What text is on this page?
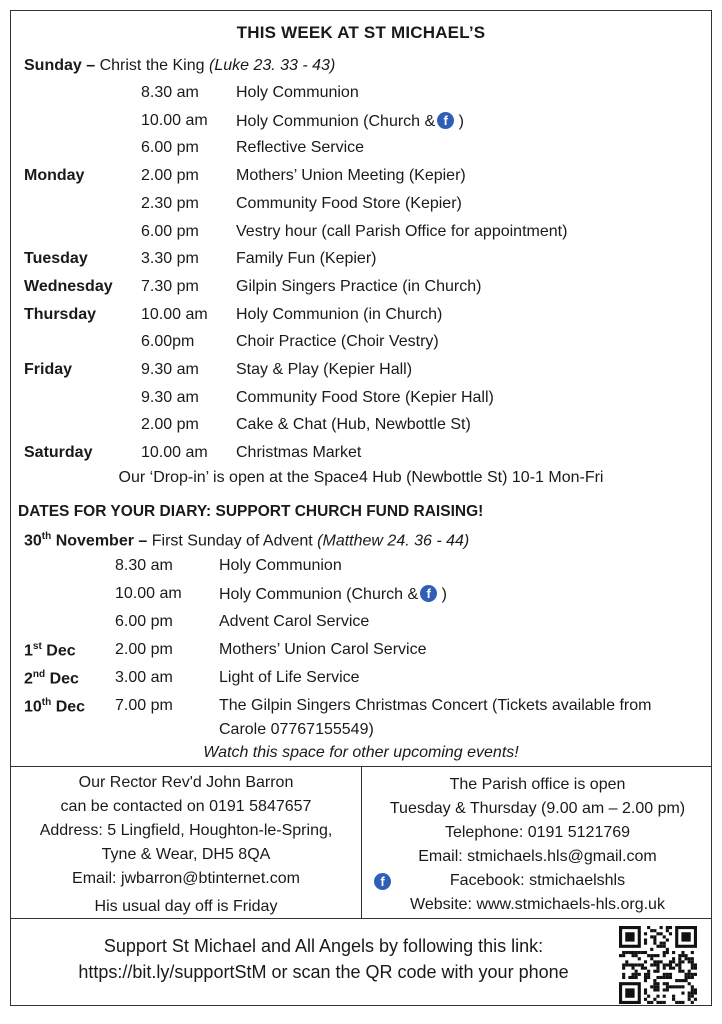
THIS WEEK AT ST MICHAEL’S
Sunday – Christ the King (Luke 23. 33 - 43)
8.30 am Holy Communion
10.00 am Holy Communion (Church & f )
6.00 pm Reflective Service
Monday	2.00 pm Mothers’ Union Meeting (Kepier)
2.30 pm Community Food Store (Kepier)
6.00 pm Vestry hour (call Parish Office for appointment)
Tuesday	3.30 pm Family Fun (Kepier)
Wednesday 7.30 pm Gilpin Singers Practice (in Church)
Thursday	10.00 am Holy Communion (in Church)
6.00pm	Choir Practice (Choir Vestry)
Friday	9.30 am Stay & Play (Kepier Hall)
9.30 am Community Food Store (Kepier Hall)
2.00 pm Cake & Chat (Hub, Newbottle St)
Saturday	10.00 am Christmas Market
Our ‘Drop-in’ is open at the Space4 Hub (Newbottle St) 10-1 Mon-Fri
DATES FOR YOUR DIARY: SUPPORT CHURCH FUND RAISING!
30th November – First Sunday of Advent (Matthew 24. 36 - 44)
8.30 am	Holy Communion
10.00 am Holy Communion (Church & f )
6.00 pm	Advent Carol Service
1st Dec 2.00 pm	Mothers’ Union Carol Service
2nd Dec 3.00 am	Light of Life Service
10th Dec 7.00 pm	The Gilpin Singers Christmas Concert (Tickets available from
Carole 07767155549)
Watch this space for other upcoming events!
Our Rector Rev'd John Barron
can be contacted on 0191 5847657
Address: 5 Lingfield, Houghton-le-Spring,
Tyne & Wear, DH5 8QA
Email: jwbarron@btinternet.com
His usual day off is Friday
The Parish office is open
Tuesday & Thursday (9.00 am – 2.00 pm)
Telephone: 0191 5121769
Email: stmichaels.hls@gmail.com
f	Facebook: stmichaelshls
Website: www.stmichaels-hls.org.uk
Support St Michael and All Angels by following this link:
https://bit.ly/supportStM or scan the QR code with your phone
